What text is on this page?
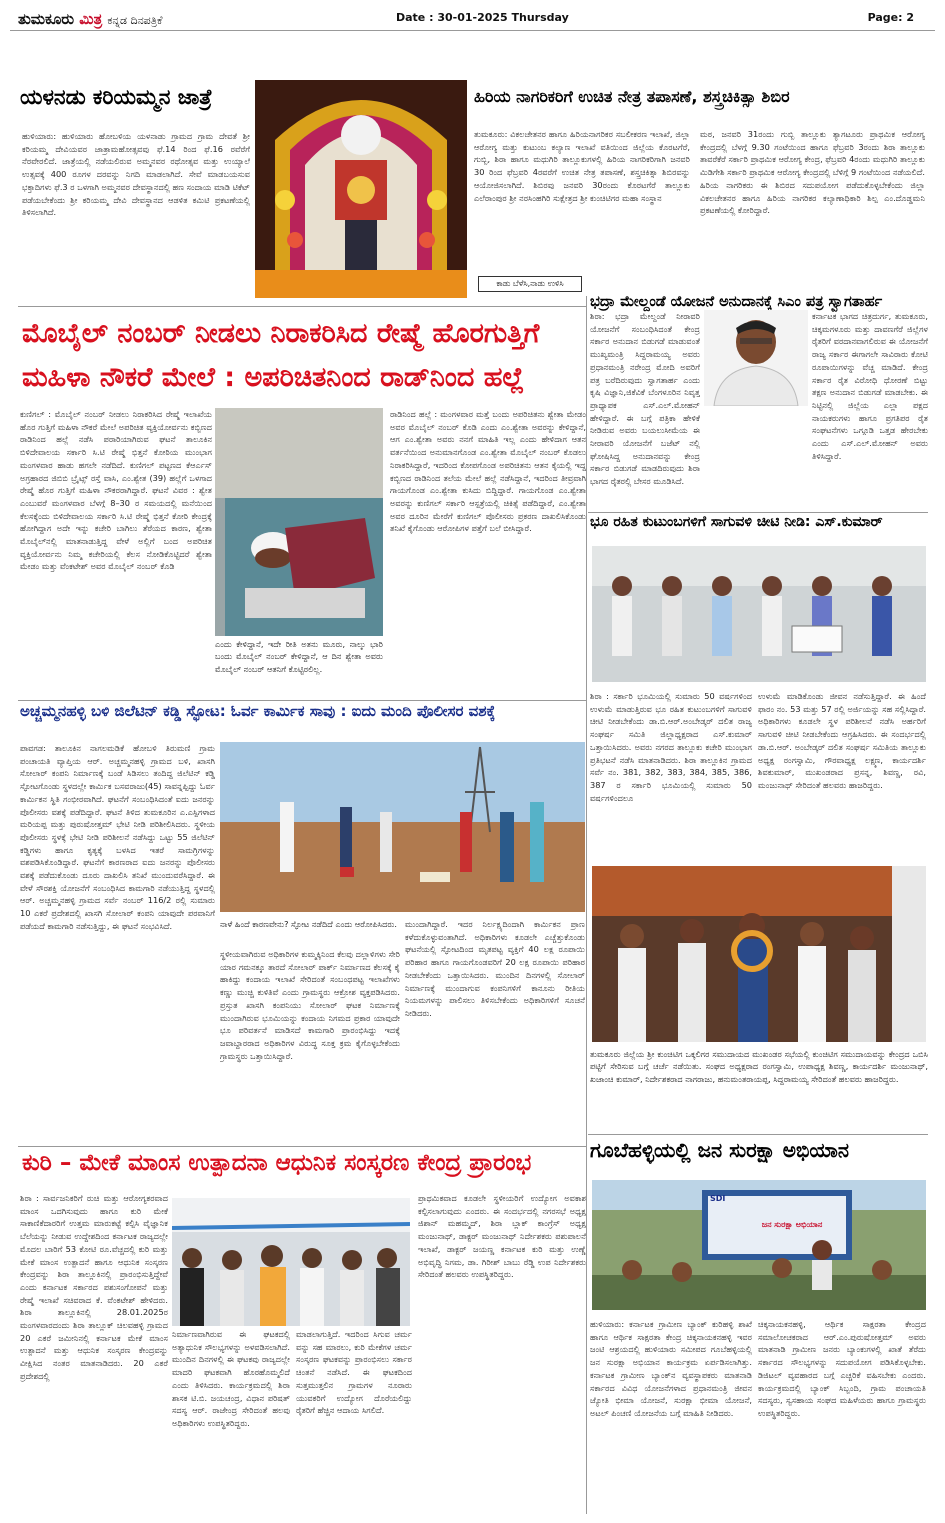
ತುಮಕೂರು ಮಿತ್ರ ಕನ್ನಡ ದಿನಪತ್ರಿಕೆ	Date : 30-01-2025 Thursday	Page: 2
ಯಳನಡು ಕರಿಯಮ್ಮನ ಜಾತ್ರೆ
ಹುಳಿಯಾರು: ಹುಳಿಯಾರು ಹೋಬಳಿಯ ಯಳನಾಡು ಗ್ರಾಮದ ಗ್ರಾಮ ದೇವತೆ ಶ್ರೀ ಕರಿಯಮ್ಮ ದೇವಿಯವರ ಜಾತ್ರಾಮಹೋತ್ಸವವು ಫೆ.14 ರಿಂದ ಫೆ.16 ರವೆರೆಗೆ ನೆರವೇರಲಿದೆ. ಜಾತ್ರೆಯಲ್ಲಿ ನಡೆಯಲಿರುವ ಅಮ್ಮನವರ ರಥೋತ್ಸವ ಮತ್ತು ಉಯ್ಯಾಲೆ ಉತ್ಸವಕ್ಕೆ 400 ರೂಗಳ ದರವನ್ನು ನಿಗದಿ ಮಾಡಲಾಗಿದೆ. ಸೇವೆ ಮಾಡಬಯಸುವ ಭಕ್ತಾದಿಗಳು ಫೆ.3 ರ ಒಳಗಾಗಿ ಅಮ್ಮನವರ ದೇವಸ್ಥಾನದಲ್ಲಿ ಹಣ ಸಂದಾಯ ಮಾಡಿ ಟಿಕೆಟ್ ಪಡೆಯಬೇಕೆಂದು ಶ್ರೀ ಕರಿಯಮ್ಮ ದೇವಿ ದೇವಸ್ಥಾನದ ಆಡಳಿತ ಕಮಿಟಿ ಪ್ರಕಟಣೆಯಲ್ಲಿ ತಿಳಿಸಲಾಗಿದೆ.
ಹಿರಿಯ ನಾಗರಿಕರಿಗೆ ಉಚಿತ ನೇತ್ರ ತಪಾಸಣೆ, ಶಸ್ತ್ರಚಿಕಿತ್ಸಾ ಶಿಬಿರ
ತುಮಕೂರು: ವಿಕಲಚೇತನರ ಹಾಗೂ ಹಿರಿಯನಾಗರಿಕರ ಸಬಲೀಕರಣ ಇಲಾಖೆ, ಜಿಲ್ಲಾ ಆರೋಗ್ಯ ಮತ್ತು ಕುಟುಂಬ ಕಲ್ಯಾಣ ಇಲಾಖೆ ವತಿಯಿಂದ ಜಿಲ್ಲೆಯ ಕೊರಟಗೆರೆ, ಗುಬ್ಬಿ, ಶಿರಾ ಹಾಗೂ ಮಧುಗಿರಿ ತಾಲ್ಲೂಕುಗಳಲ್ಲಿ ಹಿರಿಯ ನಾಗರಿಕರಿಗಾಗಿ ಜನವರಿ 30 ರಿಂದ ಫೆಬ್ರವರಿ 4ರವರೆಗೆ ಉಚಿತ ನೇತ್ರ ತಪಾಸಣೆ, ಶಸ್ತ್ರಚಿಕಿತ್ಸಾ ಶಿಬಿರವನ್ನು ಆಯೋಜಿಸಲಾಗಿದೆ. ಶಿಬಿರವು ಜನವರಿ 30ರಂದು ಕೊರಟಗೆರೆ ತಾಲ್ಲೂಕು ಎಲೆರಾಂಪುರ ಶ್ರೀ ನರಸಿಂಹಗಿರಿ ಸುಕ್ಷೇತ್ರದ ಶ್ರೀ ಕುಂಚಿಟಿಗರ ಮಹಾ ಸಂಸ್ಥಾನ
ಮಠ, ಜನವರಿ 31ರಂದು ಗುಬ್ಬಿ ತಾಲ್ಲೂಕು ತ್ಯಾಗಟೂರು ಪ್ರಾಥಮಿಕ ಆರೋಗ್ಯ ಕೇಂದ್ರದಲ್ಲಿ ಬೆಳಗ್ಗೆ 9.30 ಗಂಟೆಯಿಂದ ಹಾಗೂ ಫೆಬ್ರವರಿ 3ರಂದು ಶಿರಾ ತಾಲ್ಲೂಕು ತಾವರೆಕೆರೆ ಸರ್ಕಾರಿ ಪ್ರಾಥಮಿಕ ಆರೋಗ್ಯ ಕೇಂದ್ರ, ಫೆಬ್ರವರಿ 4ರಂದು ಮಧುಗಿರಿ ತಾಲ್ಲೂಕು ಮಿಡಿಗೇಶಿ ಸರ್ಕಾರಿ ಪ್ರಾಥಮಿಕ ಆರೋಗ್ಯ ಕೇಂದ್ರದಲ್ಲಿ ಬೆಳಿಗ್ಗೆ 9 ಗಂಟೆಯಿಂದ ನಡೆಯಲಿದೆ. ಹಿರಿಯ ನಾಗರಿಕರು ಈ ಶಿಬಿರದ ಸದುಪಯೋಗ ಪಡೆದುಕೊಳ್ಳಬೇಕೆಂದು ಜಿಲ್ಲಾ ವಿಕಲಚೇತನರ ಹಾಗೂ ಹಿರಿಯ ನಾಗರಿಕರ ಕಲ್ಯಾಣಾಧಿಕಾರಿ ಶಿಲ್ಪ ಎಂ.ದೊಡ್ಡಮನಿ ಪ್ರಕಟಣೆಯಲ್ಲಿ ಕೋರಿದ್ದಾರೆ.
ಕಾಡು ಬೆಳೆಸಿ,ನಾಡು ಉಳಿಸಿ
ಭದ್ರಾ ಮೇಲ್ದಂಡೆ ಯೋಜನೆ ಅನುದಾನಕ್ಕೆ ಸಿಎಂ ಪತ್ರ ಸ್ವಾಗತಾರ್ಹ
ಶಿರಾ: ಭದ್ರಾ ಮೇಲ್ದಂಡೆ ನೀರಾವರಿ ಯೋಜನೆಗೆ ಸಂಬಂಧಿಸಿದಂತೆ ಕೇಂದ್ರ ಸರ್ಕಾರ ಅನುದಾನ ಬಿಡುಗಡೆ ಮಾಡುವಂತೆ ಮುಖ್ಯಮಂತ್ರಿ ಸಿದ್ದರಾಮಯ್ಯ ಅವರು ಪ್ರಧಾನಮಂತ್ರಿ ನರೇಂದ್ರ ಮೋದಿ ಅವರಿಗೆ ಪತ್ರ ಬರೆದಿರುವುದು ಸ್ವಾಗತಾರ್ಹ ಎಂದು ಕೃಷಿ ವಿಜ್ಞಾನಿ,ಜಿಕೆವಿಕೆ ಬೆಂಗಳೂರಿನ ನಿವೃತ್ತ ಪ್ರಾಧ್ಯಾಪಕ ಎಸ್.ಎಲ್.ಮೋಹನ್ ಹೇಳಿದ್ದಾರೆ. ಈ ಬಗ್ಗೆ ಪತ್ರಿಕಾ ಹೇಳಿಕೆ ನೀಡಿರುವ ಅವರು ಬಯಲುಸೀಮೆಯ ಈ ನೀರಾವರಿ ಯೋಜನೆಗೆ ಬಜೆಟ್ ನಲ್ಲಿ ಘೋಷಿಸಿದ್ದ ಅನುದಾನವನ್ನು ಕೇಂದ್ರ ಸರ್ಕಾರ ಬಿಡುಗಡೆ ಮಾಡದಿರುವುದು ಶಿರಾ ಭಾಗದ ರೈತರಲ್ಲಿ ಬೇಸರ ಮೂಡಿಸಿದೆ.
ಕರ್ನಾಟಕ ಭಾಗದ ಚಿತ್ರದುರ್ಗ, ತುಮಕೂರು, ಚಿಕ್ಕಮಗಳೂರು ಮತ್ತು ದಾವಣಗೆರೆ ಜಿಲ್ಲೆಗಳ ರೈತರಿಗೆ ವರದಾನವಾಗಲಿರುವ ಈ ಯೋಜನೆಗೆ ರಾಜ್ಯ ಸರ್ಕಾರ ಈಗಾಗಲೇ ಸಾವಿರಾರು ಕೋಟಿ ರೂಪಾಯಿಗಳನ್ನು ವೆಚ್ಚ ಮಾಡಿದೆ. ಕೇಂದ್ರ ಸರ್ಕಾರ ರೈತ ವಿರೋಧಿ ಧೋರಣೆ ಬಿಟ್ಟು ತಕ್ಷಣ ಅನುದಾನ ಬಿಡುಗಡೆ ಮಾಡಬೇಕು. ಈ ನಿಟ್ಟಿನಲ್ಲಿ ಜಿಲ್ಲೆಯ ಎಲ್ಲಾ ಪಕ್ಷದ ನಾಯಕರುಗಳು ಹಾಗೂ ಪ್ರಗತಿಪರ ರೈತ ಸಂಘಟನೆಗಳು ಒಗ್ಗೂಡಿ ಒತ್ತಡ ಹೇರಬೇಕು ಎಂದು ಎಸ್.ಎಲ್.ಮೋಹನ್ ಅವರು ತಿಳಿಸಿದ್ದಾರೆ.
ಮೊಬೈಲ್ ನಂಬರ್ ನೀಡಲು ನಿರಾಕರಿಸಿದ ರೇಷ್ಮೆ ಹೊರಗುತ್ತಿಗೆ
ಮಹಿಳಾ ನೌಕರೆ ಮೇಲೆ : ಅಪರಿಚಿತನಿಂದ ರಾಡ್‌ನಿಂದ ಹಲ್ಲೆ
ಕುಣಿಗಲ್ : ಮೊಬೈಲ್ ನಂಬರ್ ನೀಡಲು ನಿರಾಕರಿಸಿದ ರೇಷ್ಮೆ ಇಲಾಖೆಯ ಹೊರ ಗುತ್ತಿಗೆ ಮಹಿಳಾ ನೌಕರೆ ಮೇಲೆ ಅಪರಿಚಿತ ವ್ಯಕ್ತಿಯೋರ್ವನು ಕಬ್ಬಿಣದ ರಾಡಿನಿಂದ ಹಲ್ಲೆ ನಡೆಸಿ ಪರಾರಿಯಾಗಿರುವ ಘಟನೆ ತಾಲೂಕಿನ ಬಿಳಿದೇವಾಲಯ ಸರ್ಕಾರಿ ಸಿ.ಟಿ ರೇಷ್ಮೆ ಭಿತ್ತನೆ ಕೋಠಿಯ ಮುಂಭಾಗ ಮಂಗಳವಾರ ಹಾಡು ಹಗಲೇ ನಡೆದಿದೆ. ಕುಣಿಗಲ್ ಪಟ್ಟಣದ ಕೆಆರ್ಎಸ್ ಅಗ್ರಹಾರದ ಜಿಬಿಬಿ ಬ್ರೈಟ್ಸ್ ರಸ್ತೆ ವಾಸಿ, ಎಂ.ಶ್ವೇತ (39) ಹಲ್ಲೆಗೆ ಒಳಗಾದ ರೇಷ್ಮೆ ಹೊರ ಗುತ್ತಿಗೆ ಮಹಿಳಾ ನೌಕರರಾಗಿದ್ದಾರೆ. ಘಟನೆ ವಿವರ : ಶ್ವೇತ ಎಂಬುವರೆ ಮಂಗಳವಾರ ಬೆಳಗ್ಗೆ 8–30 ರ ಸಮಯದಲ್ಲಿ ಮನೆಯಿಂದ ಕೆಲಸಕ್ಕೆಂದು ಬಿಳಿದೇವಾಲಯ ಸರ್ಕಾರಿ ಸಿ.ಟಿ ರೇಷ್ಮೆ ಭಿತ್ತನೆ ಕೋಠಿ ಕೇಂದ್ರಕ್ಕೆ ಹೋಗಿದ್ದಾಗ ಅದೇ ಇನ್ನು ಕಚೇರಿ ಬಾಗಿಲು ತೆರೆಯದ ಕಾರಣ, ಶ್ವೇತಾ ಮೊಬೈಲ್‌ನಲ್ಲಿ ಮಾತನಾಡುತ್ತಿದ್ದ ವೇಳೆ ಅಲ್ಲಿಗೆ ಬಂದ ಅಪರಿಚಿತ ವ್ಯಕ್ತಿಯೋರ್ವನು ನಿಮ್ಮ ಕಚೇರಿಯಲ್ಲಿ ಕೆಲಸ ನೋಡಿಕೊಟ್ಟಿದರೆ ಶ್ವೇತಾ ಮೇಡಂ ಮತ್ತು ವೆಂಕಟೇಶ್ ಅವರ ಮೊಬೈಲ್ ನಂಬರ್ ಕೊಡಿ
ಎಂದು ಕೇಳಿದ್ದಾನೆ, ಇದೇ ರೀತಿ ಅತನು ಮೂರು, ನಾಲ್ಕು ಭಾರಿ ಬಂದು ಮೊಬೈಲ್ ನಂಬರ್ ಕೇಳಿದ್ದಾನೆ, ಆ ದಿನ ಶ್ವೇತಾ ಅವರು ಮೊಬೈಲ್ ನಂಬರ್ ಆತನಿಗೆ ಕೊಟ್ಟಿರಲಿಲ್ಲ.
ರಾಡಿನಿಂದ ಹಲ್ಲೆ : ಮಂಗಳವಾರ ಮತ್ತೆ ಬಂದು ಅಪರಿಚಿತನು ಶ್ವೇತಾ ಮೇಡಂ ಅವರ ಮೊಬೈಲ್ ನಂಬರ್ ಕೊಡಿ ಎಂದು ಎಂ.ಶ್ವೇತಾ ಅವರನ್ನು ಕೇಳಿದ್ದಾನೆ, ಆಗ ಎಂ.ಶ್ವೇತಾ ಅವರು ನನಗೆ ಮಾಹಿತಿ ಇಲ್ಲ ಎಂದು ಹೇಳಿದಾಗ ಆತನ ವರ್ತನೆಯಿಂದ ಅನುಮಾನಗೊಂಡ ಎಂ.ಶ್ವೇತಾ ಮೊಬೈಲ್ ನಂಬರ್ ಕೊಡಲು ನಿರಾಕರಿಸಿದ್ದಾರೆ, ಇದರಿಂದ ಕೋಪಗೊಂಡ ಅಪರಿಚಿತನು ಆತನ ಕೈಯಲ್ಲಿ ಇದ್ದ ಕಬ್ಬಿಣದ ರಾಡಿನಿಂದ ತಲೆಯ ಮೇಲೆ ಹಲ್ಲೆ ನಡೆಸಿದ್ದಾನೆ, ಇದರಿಂದ ತೀವ್ರವಾಗಿ ಗಾಯಗೊಂಡ ಎಂ.ಶ್ವೇತಾ ಕುಸಿದು ಬಿದ್ದಿದ್ದಾರೆ. ಗಾಯಗೊಂಡ ಎಂ.ಶ್ವೇತಾ ಅವರನ್ನು ಕುಣಿಗಲ್ ಸರ್ಕಾರಿ ಆಸ್ಪತ್ರೆಯಲ್ಲಿ ಚಿಕಿತ್ಸೆ ಪಡೆದಿದ್ದಾರೆ, ಎಂ.ಶ್ವೇತಾ ಅವರ ದೂರಿನ ಮೇರೆಗೆ ಕುಣಿಗಲ್ ಪೊಲೀಸರು ಪ್ರಕರಣ ದಾಖಲಿಸಿಕೊಂಡು ತನಿಖೆ ಕೈಗೊಂಡು ಆರೋಪಿಗಳ ಪತ್ತೆಗೆ ಬಲೆ ಬೀಸಿದ್ದಾರೆ.
ಅಚ್ಚಮ್ಮನಹಳ್ಳಿ ಬಳಿ ಜಿಲೆಟಿನ್ ಕಡ್ಡಿ ಸ್ಫೋಟ: ಓರ್ವ ಕಾರ್ಮಿಕ ಸಾವು : ಐದು ಮಂದಿ ಪೊಲೀಸರ ವಶಕ್ಕೆ
ಪಾವಗಡ: ತಾಲೂಕಿನ ನಾಗಲಮಡಿಕೆ ಹೋಬಳಿ ತಿರುಮಣಿ ಗ್ರಾಮ ಪಂಚಾಯತಿ ವ್ಯಾಪ್ತಿಯ ಆರ್. ಅಚ್ಚಮ್ಮನಹಳ್ಳಿ ಗ್ರಾಮದ ಬಳಿ, ಖಾಸಗಿ ಸೋಲಾರ್ ಕಂಪನಿ ನಿರ್ಮಾಣಕ್ಕೆ ಬಂಡೆ ಸಿಡಿಸಲು ತಂದಿದ್ದ ಜಿಲೆಟಿನ್ ಕಡ್ಡಿ ಸ್ಫೋಟಗೊಂಡು ಸ್ಥಳದಲ್ಲೇ ಕಾರ್ಮಿಕ ಬಸವರಾಜು(45) ಸಾವನ್ನಪ್ಪಿದ್ದು ಓರ್ವ ಕಾರ್ಮಿಕನ ಸ್ಥಿತಿ ಗಂಭೀರವಾಗಿದೆ. ಘಟನೆಗೆ ಸಂಬಂಧಿಸಿದಂತೆ ಐದು ಜನರನ್ನು ಪೊಲೀಸರು ವಶಕ್ಕೆ ಪಡೆದಿದ್ದಾರೆ. ಘಟನೆ ತಿಳಿದ ತುಮಕೂರಿನ ಎ.ಎಸ್ಪಿಗಳಾದ ಮರಿಯಪ್ಪ ಮತ್ತು ಪುರುಷೋತ್ತಮ್ ಭೇಟಿ ನೀಡಿ ಪರಿಶೀಲಿಸಿದರು. ಸ್ಥಳೀಯ ಪೊಲೀಸರು ಸ್ಥಳಕ್ಕೆ ಭೇಟಿ ನೀಡಿ ಪರಿಶೀಲನೆ ನಡೆಸಿದ್ದು ಒಟ್ಟು 55 ಜಿಲೆಟಿನ್ ಕಡ್ಡಿಗಳು ಹಾಗೂ ಕೃತ್ಯಕ್ಕೆ ಬಳಸಿದ ಇತರೆ ಸಾಮಗ್ರಿಗಳನ್ನು ವಶಪಡಿಸಿಕೊಂಡಿದ್ದಾರೆ. ಘಟನೆಗೆ ಕಾರಣರಾದ ಐದು ಜನರನ್ನು ಪೊಲೀಸರು ವಶಕ್ಕೆ ಪಡೆದುಕೊಂಡು ದೂರು ದಾಖಲಿಸಿ ತನಿಖೆ ಮುಂದುವರೆಸಿದ್ದಾರೆ. ಈ ವೇಳೆ ಸೌರಶಕ್ತಿ ಯೋಜನೆಗೆ ಸಂಬಂಧಿಸಿದ ಕಾಮಗಾರಿ ನಡೆಯುತ್ತಿದ್ದ ಸ್ಥಳದಲ್ಲಿ ಆರ್. ಅಚ್ಚಮ್ಮನಹಳ್ಳಿ ಗ್ರಾಮದ ಸರ್ವೆ ನಂಬರ್ 116/2 ರಲ್ಲಿ ಸುಮಾರು 10 ಎಕರೆ ಪ್ರದೇಶದಲ್ಲಿ ಖಾಸಗಿ ಸೋಲಾರ್ ಕಂಪನಿ ಯಾವುದೇ ಪರವಾನಿಗೆ ಪಡೆಯದೆ ಕಾಮಗಾರಿ ನಡೆಸುತ್ತಿದ್ದು, ಈ ಘಟನೆ ಸಂಭವಿಸಿದೆ.	ನಾಳೆ ಹಿಂದೆ ಕಾರಣವೇನು? ಸ್ಫೋಟ ನಡೆದಿದೆ ಎಂದು ಆರೋಪಿಸಿದರು.
ಸ್ಥಳೀಯವಾಗಿರುವ ಅಧಿಕಾರಿಗಳ ಕುಮ್ಮಕ್ಕಿನಿಂದ ಕೆಲವು ದಲ್ಲಾಳಿಗಳು ಸೇರಿ ಯಾರ ಗಮನಕ್ಕೂ ತಾರದೆ ಸೋಲಾರ್ ಪಾರ್ಕ್ ನಿರ್ಮಾಣದ ಕೆಲಸಕ್ಕೆ ಕೈ ಹಾಕಿದ್ದು ಕಂದಾಯ ಇಲಾಖೆ ಸೇರಿದಂತೆ ಸಂಬಂಧಪಟ್ಟ ಇಲಾಖೆಗಳು ಕಣ್ಣು ಮುಚ್ಚಿ ಕುಳಿತಿವೆ ಎಂದು ಗ್ರಾಮಸ್ಥರು ಆಕ್ರೋಶ ವ್ಯಕ್ತಪಡಿಸಿದರು. ಪ್ರಸ್ತುತ ಖಾಸಗಿ ಕಂಪನಿಯು ಸೋಲಾರ್ ಘಟಕ ನಿರ್ಮಾಣಕ್ಕೆ ಮುಂದಾಗಿರುವ ಭೂಮಿಯನ್ನು ಕಂದಾಯ ನಿಗಮದ ಪ್ರಕಾರ ಯಾವುದೇ ಭೂ ಪರಿವರ್ತನೆ ಮಾಡಿಸದೆ ಕಾಮಗಾರಿ ಪ್ರಾರಂಭಿಸಿದ್ದು ಇದಕ್ಕೆ ಜವಾಬ್ದಾರರಾದ ಅಧಿಕಾರಿಗಳ ವಿರುದ್ಧ ಸೂಕ್ತ ಕ್ರಮ ಕೈಗೊಳ್ಳಬೇಕೆಂದು ಗ್ರಾಮಸ್ಥರು ಒತ್ತಾಯಿಸಿದ್ದಾರೆ.
ಮುಂದಾಗಿದ್ದಾರೆ. ಇದರ ನಿರ್ಲಕ್ಷ್ಯದಿಂದಾಗಿ ಕಾರ್ಮಿಕನ ಪ್ರಾಣ ಕಳೆದುಕೊಳ್ಳುವಂತಾಗಿದೆ. ಅಧಿಕಾರಿಗಳು ಕೂಡಲೇ ಎಚ್ಚೆತ್ತುಕೊಂಡು ಘಟನೆಯಲ್ಲಿ ಸ್ಫೋಟದಿಂದ ಮೃತಪಟ್ಟ ವ್ಯಕ್ತಿಗೆ 40 ಲಕ್ಷ ರೂಪಾಯಿ ಪರಿಹಾರ ಹಾಗೂ ಗಾಯಗೊಂಡವರಿಗೆ 20 ಲಕ್ಷ ರೂಪಾಯಿ ಪರಿಹಾರ ನೀಡಬೇಕೆಂದು ಒತ್ತಾಯಿಸಿದರು. ಮುಂದಿನ ದಿನಗಳಲ್ಲಿ ಸೋಲಾರ್ ನಿರ್ಮಾಣಕ್ಕೆ ಮುಂದಾಗುವ ಕಂಪನಿಗಳಿಗೆ ಕಾನೂನು ರೀತಿಯ ನಿಯಮಗಳನ್ನು ಪಾಲಿಸಲು ತಿಳಿಸಬೇಕೆಂದು ಅಧಿಕಾರಿಗಳಿಗೆ ಸೂಚನೆ ನೀಡಿದರು.
ಭೂ ರಹಿತ ಕುಟುಂಬಗಳಿಗೆ ಸಾಗುವಳಿ ಚೀಟಿ ನೀಡಿ: ಎಸ್.ಕುಮಾರ್
ಶಿರಾ : ಸರ್ಕಾರಿ ಭೂಮಿಯಲ್ಲಿ ಸುಮಾರು 50 ವರ್ಷಗಳಿಂದ ಉಳುಮೆ ಮಾಡುತ್ತಿರುವ ಭೂ ರಹಿತ ಕುಟುಂಬಗಳಿಗೆ ಸಾಗುವಳಿ ಚೀಟಿ ನೀಡಬೇಕೆಂದು ಡಾ.ಬಿ.ಆರ್.ಅಂಬೇಡ್ಕರ್ ದಲಿತ ರಾಜ್ಯ ಸಂಘರ್ಷ ಸಮಿತಿ ಜಿಲ್ಲಾಧ್ಯಕ್ಷರಾದ ಎಸ್.ಕುಮಾರ್ ಒತ್ತಾಯಿಸಿದರು. ಅವರು ನಗರದ ತಾಲ್ಲೂಕು ಕಚೇರಿ ಮುಂಭಾಗ ಪ್ರತಿಭಟನೆ ನಡೆಸಿ ಮಾತನಾಡಿದರು. ಶಿರಾ ತಾಲ್ಲೂಕಿನ ಗ್ರಾಮದ ಸರ್ವೆ ನಂ. 381, 382, 383, 384, 385, 386, 387 ರ ಸರ್ಕಾರಿ ಭೂಮಿಯಲ್ಲಿ ಸುಮಾರು 50 ವರ್ಷಗಳಿಂದಲೂ
ಉಳುಮೆ ಮಾಡಿಕೊಂಡು ಜೀವನ ನಡೆಸುತ್ತಿದ್ದಾರೆ. ಈ ಹಿಂದೆ ಫಾರಂ ನಂ. 53 ಮತ್ತು 57 ರಲ್ಲಿ ಅರ್ಜಿಯನ್ನು ಸಹ ಸಲ್ಲಿಸಿದ್ದಾರೆ. ಅಧಿಕಾರಿಗಳು ಕೂಡಲೇ ಸ್ಥಳ ಪರಿಶೀಲನೆ ನಡೆಸಿ ಅರ್ಹರಿಗೆ ಸಾಗುವಳಿ ಚೀಟಿ ನೀಡಬೇಕೆಂದು ಆಗ್ರಹಿಸಿದರು. ಈ ಸಂದರ್ಭದಲ್ಲಿ ಡಾ.ಬಿ.ಆರ್. ಅಂಬೇಡ್ಕರ್ ದಲಿತ ಸಂಘರ್ಷ ಸಮಿತಿಯ ತಾಲ್ಲೂಕು ಅಧ್ಯಕ್ಷ ರಂಗಸ್ವಾಮಿ, ಗೌರವಾಧ್ಯಕ್ಷ ಲಕ್ಷ್ಮಣ, ಕಾರ್ಯದರ್ಶಿ ಶಿವಕುಮಾರ್, ಮುಖಂಡರಾದ ಪ್ರಸನ್ನ, ಶಿವಣ್ಣ, ರವಿ, ಮಂಜುನಾಥ್ ಸೇರಿದಂತೆ ಹಲವರು ಹಾಜರಿದ್ದರು.
ತುಮಕೂರು ಜಿಲ್ಲೆಯ ಶ್ರೀ ಕುಂಚಿಟಿಗ ಒಕ್ಕಲಿಗರ ಸಮುದಾಯದ ಮುಖಂಡರ ಸಭೆಯಲ್ಲಿ ಕುಂಚಿಟಿಗ ಸಮುದಾಯವನ್ನು ಕೇಂದ್ರದ ಒಬಿಸಿ ಪಟ್ಟಿಗೆ ಸೇರಿಸುವ ಬಗ್ಗೆ ಚರ್ಚೆ ನಡೆಯಿತು. ಸಂಘದ ಅಧ್ಯಕ್ಷರಾದ ರಂಗಸ್ವಾಮಿ, ಉಪಾಧ್ಯಕ್ಷ ಶಿವಣ್ಣ, ಕಾರ್ಯದರ್ಶಿ ಮಂಜುನಾಥ್, ಖಜಾಂಚಿ ಕುಮಾರ್, ನಿರ್ದೇಶಕರಾದ ನಾಗರಾಜು, ಹನುಮಂತರಾಯಪ್ಪ, ಸಿದ್ದರಾಮಯ್ಯ ಸೇರಿದಂತೆ ಹಲವರು ಹಾಜರಿದ್ದರು.
ಕುರಿ – ಮೇಕೆ ಮಾಂಸ ಉತ್ಪಾದನಾ ಆಧುನಿಕ ಸಂಸ್ಕರಣ ಕೇಂದ್ರ ಪ್ರಾರಂಭ
ಶಿರಾ : ಸಾರ್ವಜನಿಕರಿಗೆ ರುಚಿ ಮತ್ತು ಆರೋಗ್ಯಕರವಾದ ಮಾಂಸ ಒದಗಿಸುವುದು ಹಾಗೂ ಕುರಿ ಮೇಕೆ ಸಾಕಾಣಿಕೆದಾರರಿಗೆ ಉತ್ತಮ ಮಾರುಕಟ್ಟೆ ಕಲ್ಪಿಸಿ ವೈಜ್ಞಾನಿಕ ಬೆಲೆಯನ್ನು ನೀಡುವ ಉದ್ದೇಶದಿಂದ ಕರ್ನಾಟಕ ರಾಜ್ಯದಲ್ಲೇ ಮೊದಲ ಬಾರಿಗೆ 53 ಕೋಟಿ ರೂ.ವೆಚ್ಚದಲ್ಲಿ ಕುರಿ ಮತ್ತು ಮೇಕೆ ಮಾಂಸ ಉತ್ಪಾದನೆ ಹಾಗೂ ಆಧುನಿಕ ಸಂಸ್ಕರಣ ಕೇಂದ್ರವನ್ನು ಶಿರಾ ತಾಲ್ಲೂಕಿನಲ್ಲಿ ಪ್ರಾರಂಭಿಸುತ್ತಿದ್ದೇವೆ ಎಂದು ಕರ್ನಾಟಕ ಸರ್ಕಾರದ ಪಶುಸಂಗೋಪನೆ ಮತ್ತು ರೇಷ್ಮೆ ಇಲಾಖೆ ಸಚಿವರಾದ ಕೆ. ವೆಂಕಟೇಶ್ ಹೇಳಿದರು. ಶಿರಾ ತಾಲ್ಲೂಕಿನಲ್ಲಿ 28.01.2025ರ ಮಂಗಳವಾರದಂದು ಶಿರಾ ತಾಲ್ಲೂಕ್ ಚಿಲವಹಳ್ಳಿ ಗ್ರಾಮದ 20 ಎಕರೆ ಜಮೀನಿನಲ್ಲಿ ಕರ್ನಾಟಕ ಮೇಕೆ ಮಾಂಸ ಉತ್ಪಾದನೆ ಮತ್ತು ಆಧುನಿಕ ಸಂಸ್ಕರಣ ಕೇಂದ್ರವನ್ನು ವೀಕ್ಷಿಸಿದ ನಂತರ ಮಾತನಾಡಿದರು. 20 ಎಕರೆ ಪ್ರದೇಶದಲ್ಲಿ
ನಿರ್ಮಾಣವಾಗಿರುವ ಈ ಘಟಕದಲ್ಲಿ ಅತ್ಯಾಧುನಿಕ ಸೌಲಭ್ಯಗಳನ್ನು ಅಳವಡಿಸಲಾಗಿದೆ. ಮುಂದಿನ ದಿನಗಳಲ್ಲಿ ಈ ಘಟಕವು ರಾಜ್ಯದಲ್ಲೇ ಮಾದರಿ ಘಟಕವಾಗಿ ಹೊರಹೊಮ್ಮಲಿದೆ ಎಂದು ತಿಳಿಸಿದರು. ಕಾರ್ಯಕ್ರಮದಲ್ಲಿ ಶಿರಾ ಶಾಸಕ ಟಿ.ಬಿ. ಜಯಚಂದ್ರ, ವಿಧಾನ ಪರಿಷತ್ ಸದಸ್ಯ ಆರ್. ರಾಜೇಂದ್ರ ಸೇರಿದಂತೆ ಹಲವು ಅಧಿಕಾರಿಗಳು ಉಪಸ್ಥಿತರಿದ್ದರು.
ಮಾಡಲಾಗುತ್ತಿದೆ. ಇದರಿಂದ ಸಿಗುವ ಚರ್ಮ ವನ್ನು ಸಹ ಮಾರಲು, ಕುರಿ ಮೇಕೆಗಳ ಚರ್ಮ ಸಂಸ್ಕರಣ ಘಟಕವನ್ನು ಪ್ರಾರಂಭಿಸಲು ಸರ್ಕಾರ ಚಿಂತನೆ ನಡೆಸಿದೆ. ಈ ಘಟಕದಿಂದ ಸುತ್ತಮುತ್ತಲಿನ ಗ್ರಾಮಗಳ ನೂರಾರು ಯುವಕರಿಗೆ ಉದ್ಯೋಗ ದೊರೆಯಲಿದ್ದು ರೈತರಿಗೆ ಹೆಚ್ಚಿನ ಆದಾಯ ಸಿಗಲಿದೆ.
ಪ್ರಾಥಮಿಕವಾದ ಕೂಡಲೇ ಸ್ಥಳೀಯರಿಗೆ ಉದ್ಯೋಗ ಅವಕಾಶ ಕಲ್ಪಿಸಲಾಗುವುದು ಎಂದರು. ಈ ಸಂದರ್ಭದಲ್ಲಿ ನಗರಸಭೆ ಅಧ್ಯಕ್ಷ ಜಿಶಾನ್ ಮಹಮ್ಮದ್, ಶಿರಾ ಬ್ಲಾಕ್ ಕಾಂಗ್ರೆಸ್ ಅಧ್ಯಕ್ಷ ಮಂಜುನಾಥ್, ಡಾಕ್ಟರ್ ಮಂಜುನಾಥ್ ನಿರ್ದೇಶಕರು ಪಶುಪಾಲನೆ ಇಲಾಖೆ, ಡಾಕ್ಟರ್ ಜಯಣ್ಣ ಕರ್ನಾಟಕ ಕುರಿ ಮತ್ತು ಉಣ್ಣೆ ಅಭಿವೃದ್ಧಿ ನಿಗಮ, ಡಾ. ಗಿರೀಶ್ ಬಾಬು ರೆಡ್ಡಿ ಉಪ ನಿರ್ದೇಶಕರು ಸೇರಿದಂತೆ ಹಲವರು ಉಪಸ್ಥಿತರಿದ್ದರು.
ಗೂಬೆಹಳ್ಳಿಯಲ್ಲಿ ಜನ ಸುರಕ್ಷಾ ಅಭಿಯಾನ
SDI
ಜನ ಸುರಕ್ಷಾ ಅಭಿಯಾನ
ಹುಳಿಯಾರು: ಕರ್ನಾಟಕ ಗ್ರಾಮೀಣ ಬ್ಯಾಂಕ್ ಕುರಿಹಳ್ಳಿ ಶಾಖೆ ಹಾಗೂ ಆರ್ಥಿಕ ಸಾಕ್ಷರತಾ ಕೇಂದ್ರ ಚಿಕ್ಕನಾಯಕನಹಳ್ಳಿ ಇವರ ಜಂಟಿ ಆಶ್ರಯದಲ್ಲಿ ಹುಳಿಯಾರು ಸಮೀಪದ ಗೂಬೆಹಳ್ಳಿಯಲ್ಲಿ ಜನ ಸುರಕ್ಷಾ ಅಭಿಯಾನ ಕಾರ್ಯಕ್ರಮ ಏರ್ಪಡಿಸಲಾಗಿತ್ತು. ಕರ್ನಾಟಕ ಗ್ರಾಮೀಣ ಬ್ಯಾಂಕ್‌ನ ವ್ಯವಸ್ಥಾಪಕರು ಮಾತನಾಡಿ ಸರ್ಕಾರದ ವಿವಿಧ ಯೋಜನೆಗಳಾದ ಪ್ರಧಾನಮಂತ್ರಿ ಜೀವನ ಜ್ಯೋತಿ ಭೀಮಾ ಯೋಜನೆ, ಸುರಕ್ಷಾ ಭೀಮಾ ಯೋಜನೆ, ಅಟಲ್ ಪಿಂಚಣಿ ಯೋಜನೆಯ ಬಗ್ಗೆ ಮಾಹಿತಿ ನೀಡಿದರು.
ಚಿಕ್ಕನಾಯಕನಹಳ್ಳಿ, ಆರ್ಥಿಕ ಸಾಕ್ಷರತಾ ಕೇಂದ್ರದ ಸಮಾಲೋಚಕರಾದ ಆರ್.ಎಂ.ಪುರುಷೋತ್ತಮ್ ಅವರು ಮಾತನಾಡಿ ಗ್ರಾಮೀಣ ಜನರು ಬ್ಯಾಂಕುಗಳಲ್ಲಿ ಖಾತೆ ತೆರೆದು ಸರ್ಕಾರದ ಸೌಲಭ್ಯಗಳನ್ನು ಸದುಪಯೋಗ ಪಡಿಸಿಕೊಳ್ಳಬೇಕು. ಡಿಜಿಟಲ್ ವ್ಯವಹಾರದ ಬಗ್ಗೆ ಎಚ್ಚರಿಕೆ ವಹಿಸಬೇಕು ಎಂದರು. ಕಾರ್ಯಕ್ರಮದಲ್ಲಿ ಬ್ಯಾಂಕ್ ಸಿಬ್ಬಂದಿ, ಗ್ರಾಮ ಪಂಚಾಯತಿ ಸದಸ್ಯರು, ಸ್ವಸಹಾಯ ಸಂಘದ ಮಹಿಳೆಯರು ಹಾಗೂ ಗ್ರಾಮಸ್ಥರು ಉಪಸ್ಥಿತರಿದ್ದರು.
